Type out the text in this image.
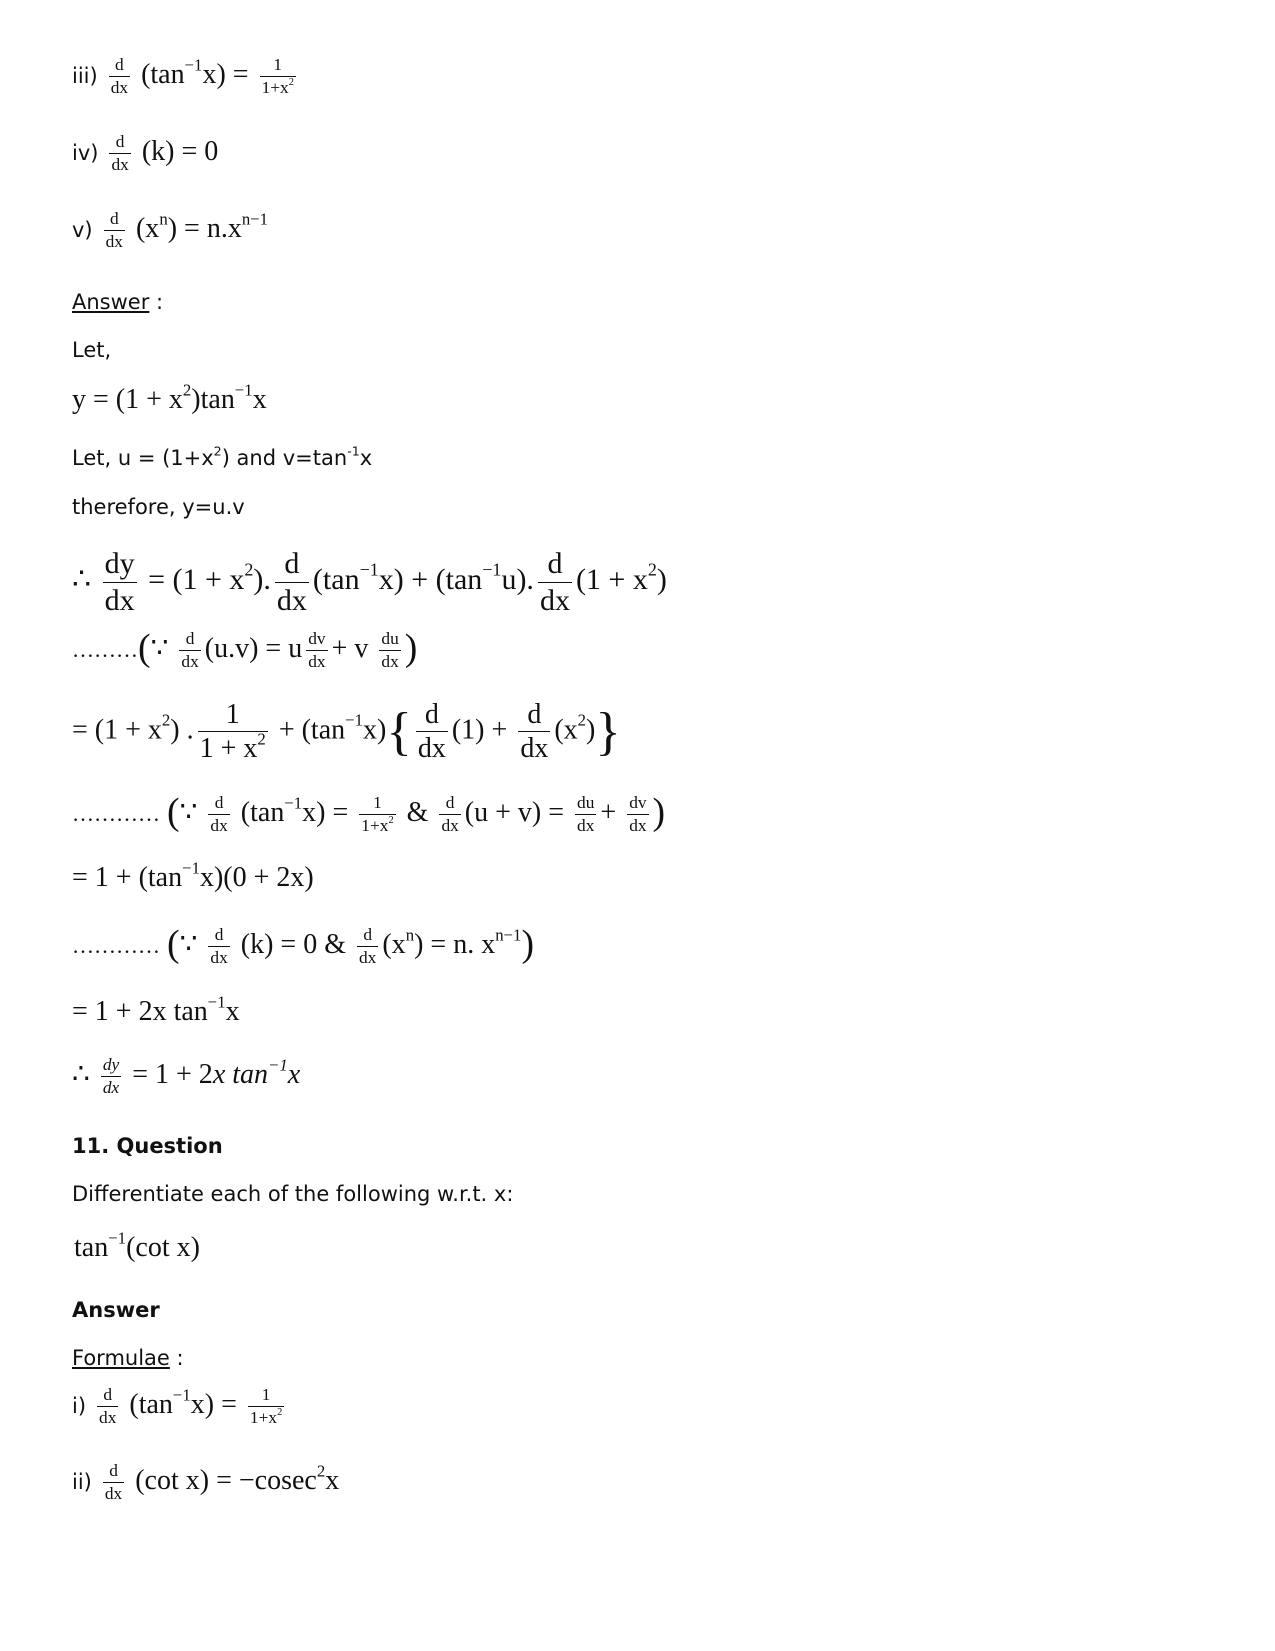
$iii) \frac{d}{dx} (\tan^{-1}x) = \frac{1}{1+x^2}$
$iv) \frac{d}{dx} (k) = 0$
$v) \frac{d}{dx} (x^n) = n.x^{n-1}$
Answer :
Let,
$y = (1 + x^2)\tan^{-1}x$
Let, $u = (1+x^2)$ and $v=\tan^{-1}x$
therefore, y=u.v
∴ $\frac{dy}{dx} = (1 + x^2)$. $\frac{d}{dx} (\tan^{-1}x) + (\tan^{-1}u)$. $\frac{d}{dx} (1 + x^2)$
………(∵ $\frac{d}{dx} (u.v) = u \frac{dv}{dx} + v \frac{du}{dx}$ )
= $(1 + x^2)$ . $\frac{1}{1 + x^2} + (\tan^{-1}x)\{ \frac{d}{dx} (1) + \frac{d}{dx} (x^2)\}$
………… (∵ $\frac{d}{dx} (\tan^{-1}x) = \frac{1}{1+x^2}$ & $\frac{d}{dx} (u + v) = \frac{du}{dx} + \frac{dv}{dx}$ )
= $1 + (\tan^{-1}x)(0 + 2x)$
………… (∵ $\frac{d}{dx} (k) = 0$ & $\frac{d}{dx} (x^n) = n$. $x^{n-1}$)
= 1 + 2x $\tan^{-1}x$
∴ $\frac{dy}{dx} = 1 + 2x$ $\tan^{-1}x$
11. Question
Differentiate each of the following w.r.t. x:
$\tan^{-1}(\cot$ x)
Answer
Formulae :
$i) \frac{d}{dx} (\tan^{-1}x) = \frac{1}{1+x^2}$
$ii) \frac{d}{dx} (\cot$ x) = −cosec$^2$x
